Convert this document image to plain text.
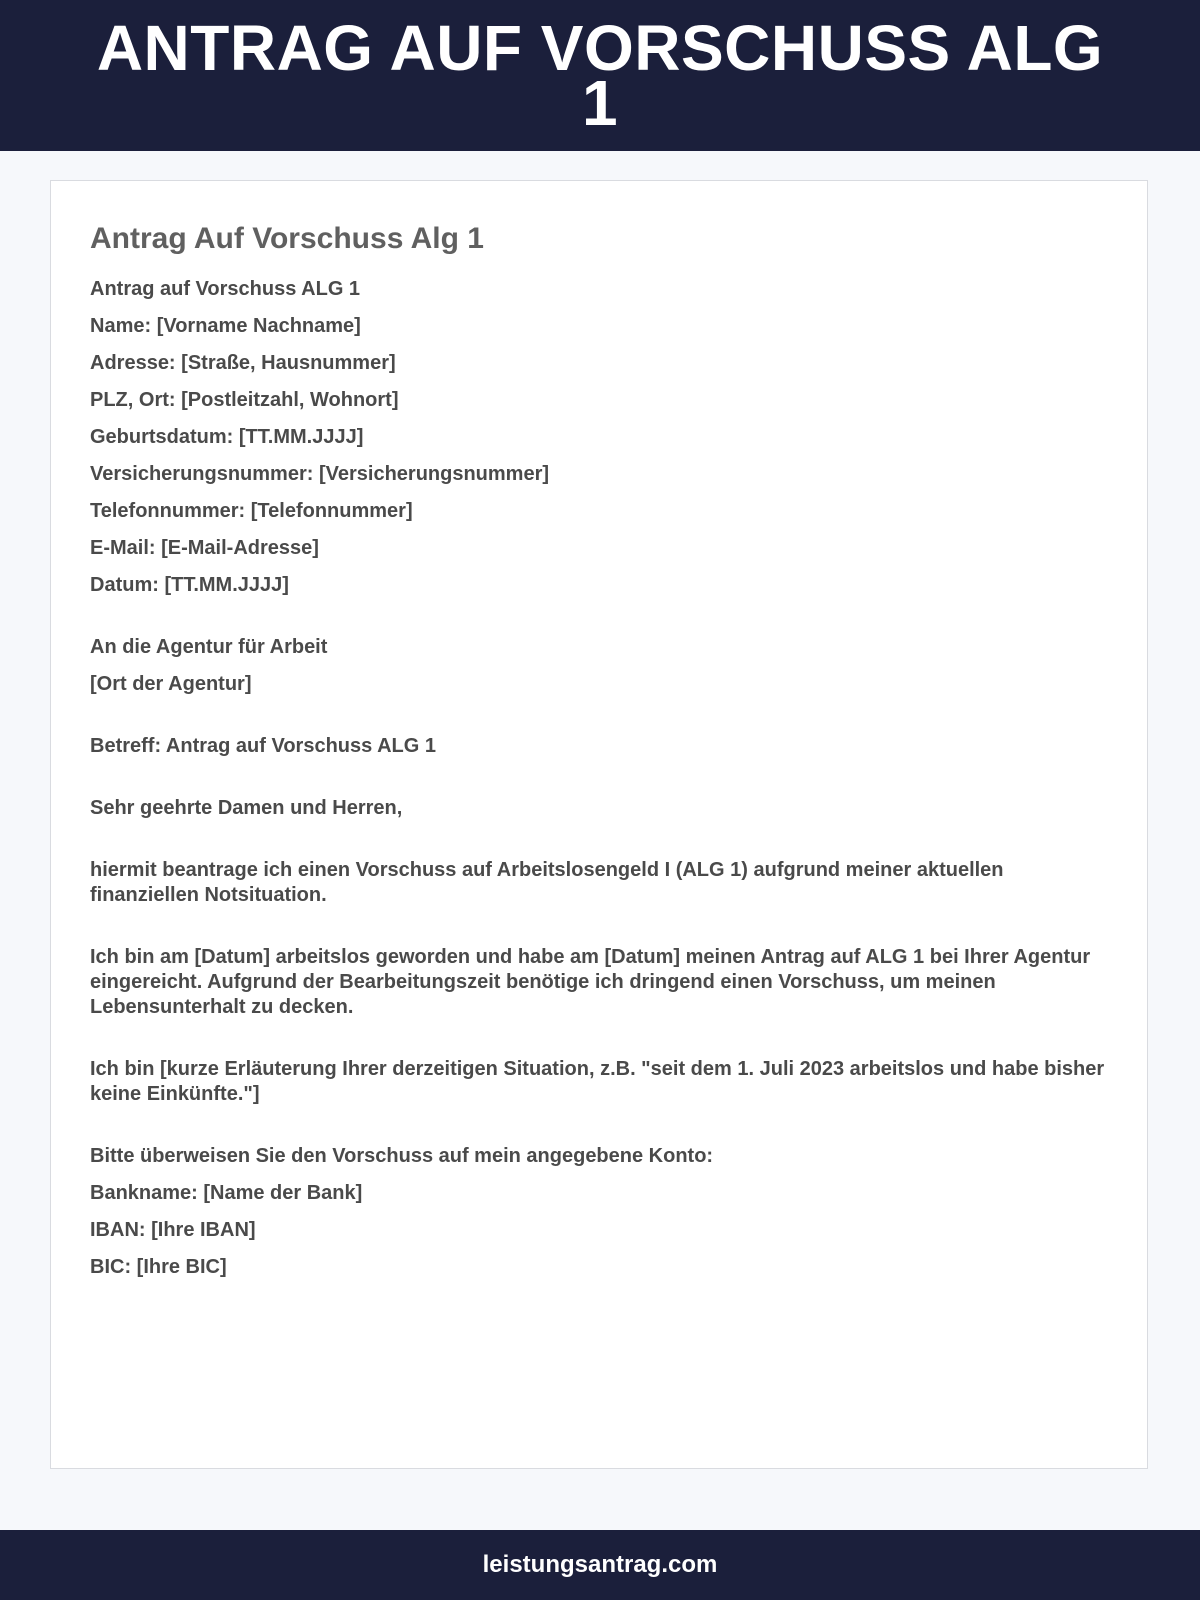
ANTRAG AUF VORSCHUSS ALG 1
Antrag Auf Vorschuss Alg 1

Antrag auf Vorschuss ALG 1

Name: [Vorname Nachname]

Adresse: [Straße, Hausnummer]

PLZ, Ort: [Postleitzahl, Wohnort]

Geburtsdatum: [TT.MM.JJJJ]

Versicherungsnummer: [Versicherungsnummer]

Telefonnummer: [Telefonnummer]

E-Mail: [E-Mail-Adresse]

Datum: [TT.MM.JJJJ]

An die Agentur für Arbeit

[Ort der Agentur]

Betreff: Antrag auf Vorschuss ALG 1

Sehr geehrte Damen und Herren,

hiermit beantrage ich einen Vorschuss auf Arbeitslosengeld I (ALG 1) aufgrund meiner aktuellen finanziellen Notsituation.

Ich bin am [Datum] arbeitslos geworden und habe am [Datum] meinen Antrag auf ALG 1 bei Ihrer Agentur eingereicht. Aufgrund der Bearbeitungszeit benötige ich dringend einen Vorschuss, um meinen Lebensunterhalt zu decken.

Ich bin [kurze Erläuterung Ihrer derzeitigen Situation, z.B. "seit dem 1. Juli 2023 arbeitslos und habe bisher keine Einkünfte."]

Bitte überweisen Sie den Vorschuss auf mein angegebene Konto:

Bankname: [Name der Bank]

IBAN: [Ihre IBAN]

BIC: [Ihre BIC]

leistungsantrag.com
